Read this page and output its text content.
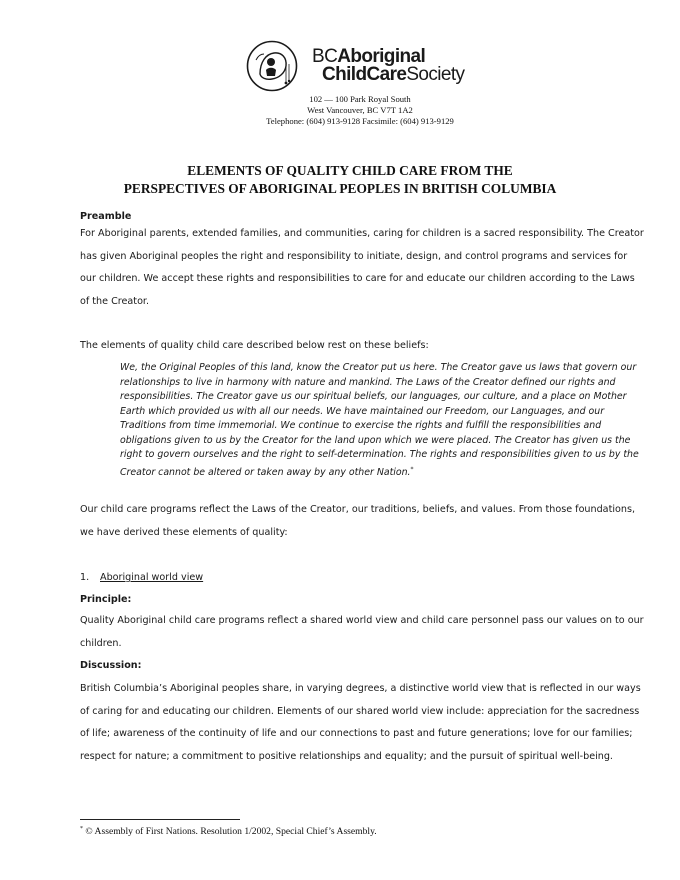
BCAboriginal
ChildCareSociety
102 — 100 Park Royal South
West Vancouver, BC V7T 1A2
Telephone: (604) 913-9128 Facsimile: (604) 913-9129
ELEMENTS OF QUALITY CHILD CARE FROM THE
PERSPECTIVES OF ABORIGINAL PEOPLES IN BRITISH COLUMBIA
Preamble
For Aboriginal parents, extended families, and communities, caring for children is a sacred responsibility. The Creator has given Aboriginal peoples the right and responsibility to initiate, design, and control programs and services for our children. We accept these rights and responsibilities to care for and educate our children according to the Laws of the Creator.
The elements of quality child care described below rest on these beliefs:
We, the Original Peoples of this land, know the Creator put us here. The Creator gave us laws that govern our relationships to live in harmony with nature and mankind. The Laws of the Creator defined our rights and responsibilities. The Creator gave us our spiritual beliefs, our languages, our culture, and a place on Mother Earth which provided us with all our needs. We have maintained our Freedom, our Languages, and our Traditions from time immemorial. We continue to exercise the rights and fulfill the responsibilities and obligations given to us by the Creator for the land upon which we were placed. The Creator has given us the right to govern ourselves and the right to self-determination. The rights and responsibilities given to us by the Creator cannot be altered or taken away by any other Nation.*
Our child care programs reflect the Laws of the Creator, our traditions, beliefs, and values. From those foundations, we have derived these elements of quality:
1. Aboriginal world view
Principle:
Quality Aboriginal child care programs reflect a shared world view and child care personnel pass our values on to our children.
Discussion:
British Columbia’s Aboriginal peoples share, in varying degrees, a distinctive world view that is reflected in our ways of caring for and educating our children. Elements of our shared world view include: appreciation for the sacredness of life; awareness of the continuity of life and our connections to past and future generations; love for our families; respect for nature; a commitment to positive relationships and equality; and the pursuit of spiritual well-being.
* © Assembly of First Nations. Resolution 1/2002, Special Chief’s Assembly.
